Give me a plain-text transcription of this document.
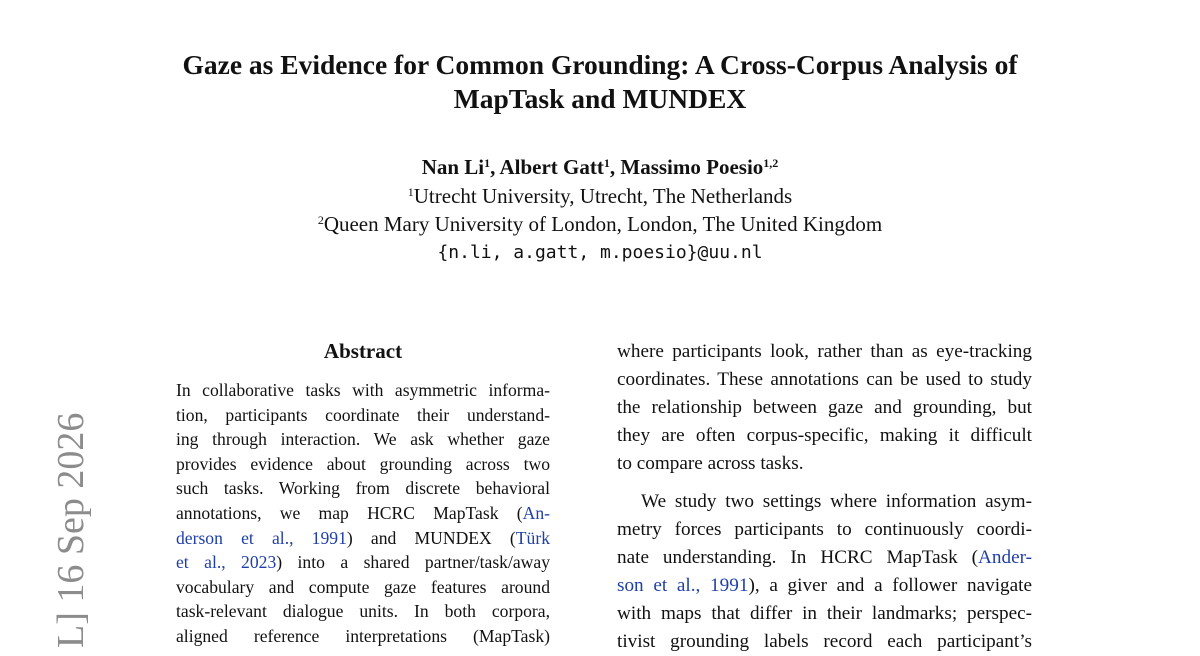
Gaze as Evidence for Common Grounding: A Cross-Corpus Analysis of
MapTask and MUNDEX
Nan Li$^1$, Albert Gatt$^1$, Massimo Poesio$^{1,2}$
$^1$Utrecht University, Utrecht, The Netherlands
$^2$Queen Mary University of London, London, The United Kingdom
{n.li, a.gatt, m.poesio}@uu.nl
L] 16 Sep 2026
Abstract
In collaborative tasks with asymmetric informa-
tion, participants coordinate their understand-
ing through interaction. We ask whether gaze
provides evidence about grounding across two
such tasks. Working from discrete behavioral
annotations, we map HCRC MapTask (An-
derson et al., 1991) and MUNDEX (Türk
et al., 2023) into a shared partner/task/away
vocabulary and compute gaze features around
task-relevant dialogue units. In both corpora,
aligned reference interpretations (MapTask)
where participants look, rather than as eye-tracking
coordinates. These annotations can be used to study
the relationship between gaze and grounding, but
they are often corpus-specific, making it difficult
to compare across tasks.
We study two settings where information asym-
metry forces participants to continuously coordi-
nate understanding. In HCRC MapTask (Ander-
son et al., 1991), a giver and a follower navigate
with maps that differ in their landmarks; perspec-
tivist grounding labels record each participant’s
